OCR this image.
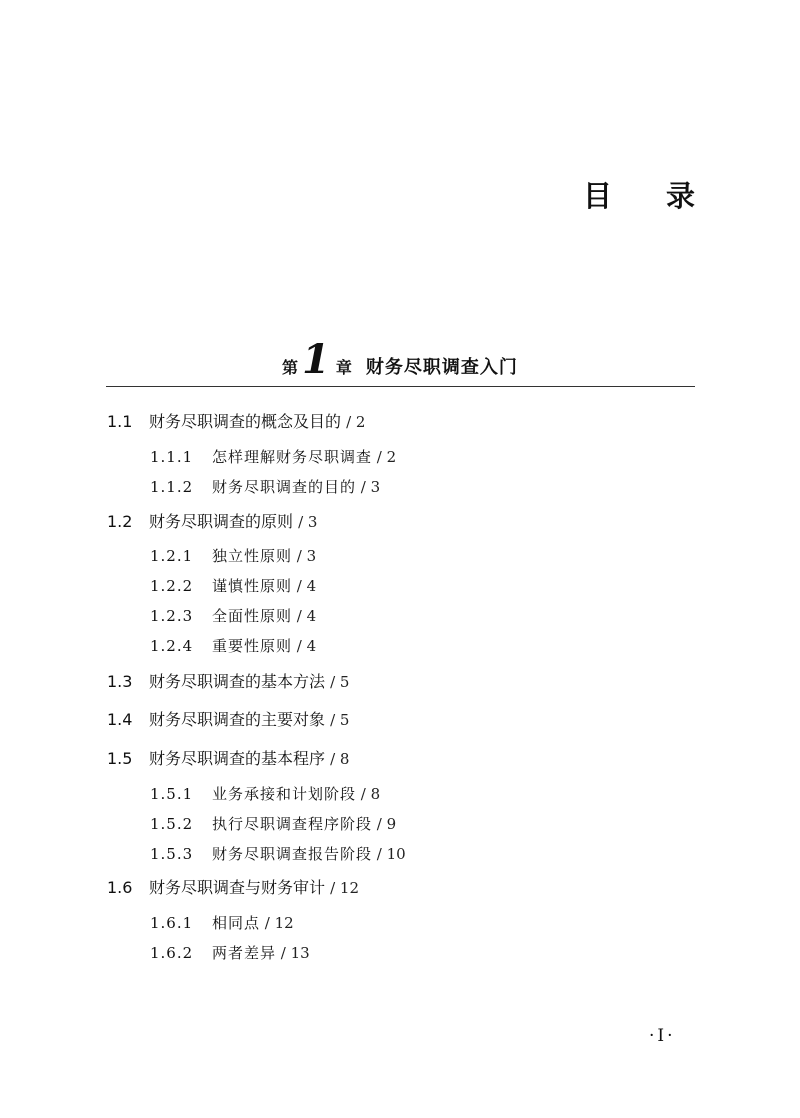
目 录
第 1 章 财务尽职调查入门
1.1 财务尽职调查的概念及目的 / 2
1.1.1 怎样理解财务尽职调查 / 2
1.1.2 财务尽职调查的目的 / 3
1.2 财务尽职调查的原则 / 3
1.2.1 独立性原则 / 3
1.2.2 谨慎性原则 / 4
1.2.3 全面性原则 / 4
1.2.4 重要性原则 / 4
1.3 财务尽职调查的基本方法 / 5
1.4 财务尽职调查的主要对象 / 5
1.5 财务尽职调查的基本程序 / 8
1.5.1 业务承接和计划阶段 / 8
1.5.2 执行尽职调查程序阶段 / 9
1.5.3 财务尽职调查报告阶段 / 10
1.6 财务尽职调查与财务审计 / 12
1.6.1 相同点 / 12
1.6.2 两者差异 / 13
·I·
